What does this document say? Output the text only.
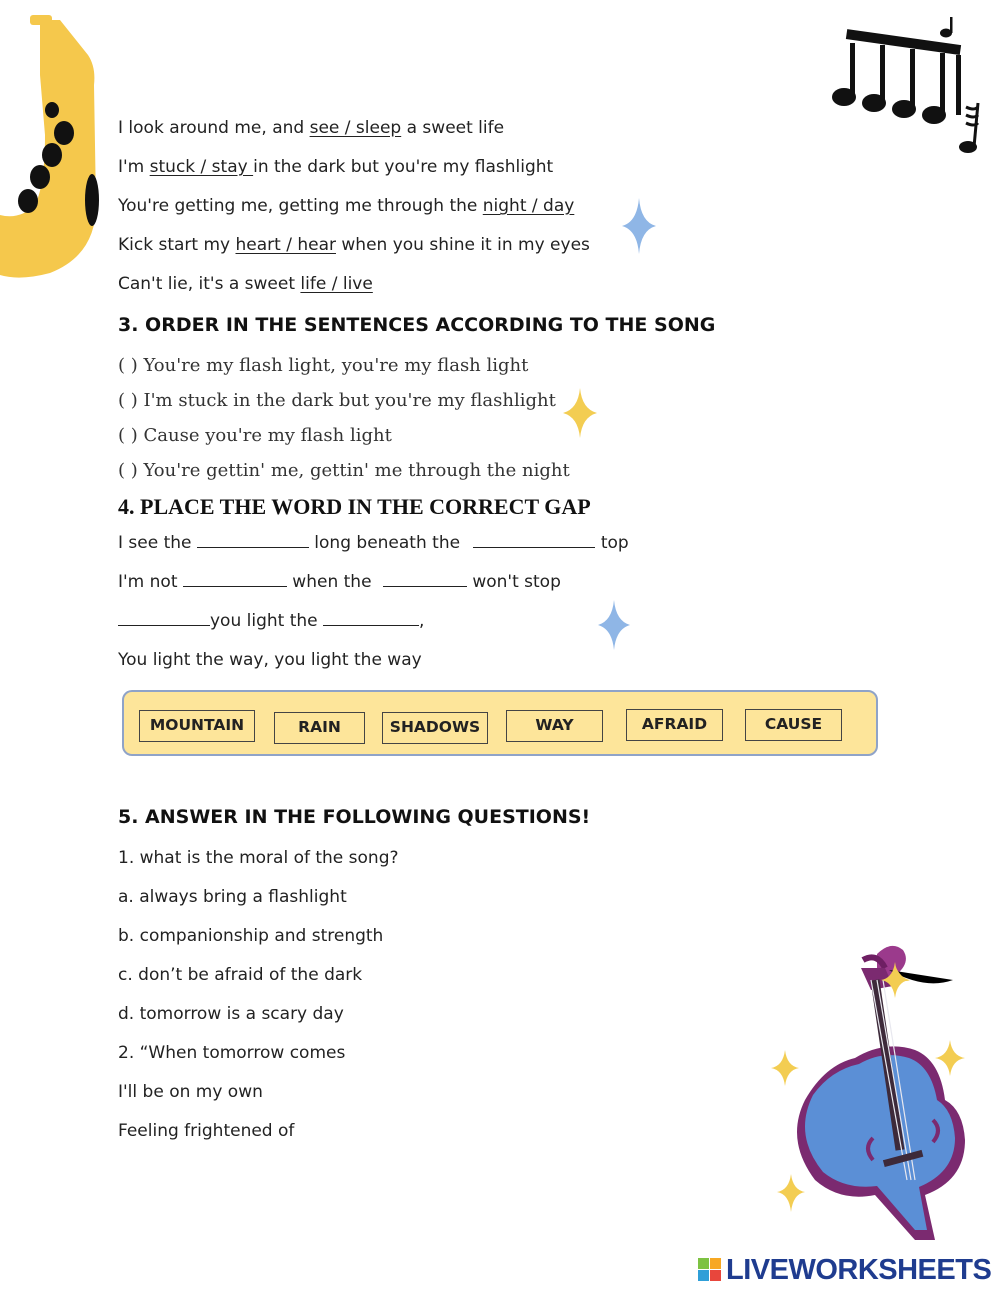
I look around me, and see / sleep a sweet life
I'm stuck / stay in the dark but you're my flashlight
You're getting me, getting me through the night / day
Kick start my heart / hear when you shine it in my eyes
Can't lie, it's a sweet life / live
3. ORDER IN THE SENTENCES ACCORDING TO THE SONG
( ) You're my flash light, you're my flash light
( ) I'm stuck in the dark but you're my flashlight
( ) Cause you're my flash light
( ) You're gettin' me, gettin' me through the night
4. PLACE THE WORD IN THE CORRECT GAP
I see the	long beneath the	top
I'm not	when the	won't stop
you light the	,
You light the way, you light the way
MOUNTAIN	RAIN	SHADOWS	WAY	AFRAID	CAUSE
5. ANSWER IN THE FOLLOWING QUESTIONS!
1. what is the moral of the song?
a. always bring a flashlight
b. companionship and strength
c. don’t be afraid of the dark
d. tomorrow is a scary day
2. “When tomorrow comes
I'll be on my own
Feeling frightened of
LIVEWORKSHEETS
